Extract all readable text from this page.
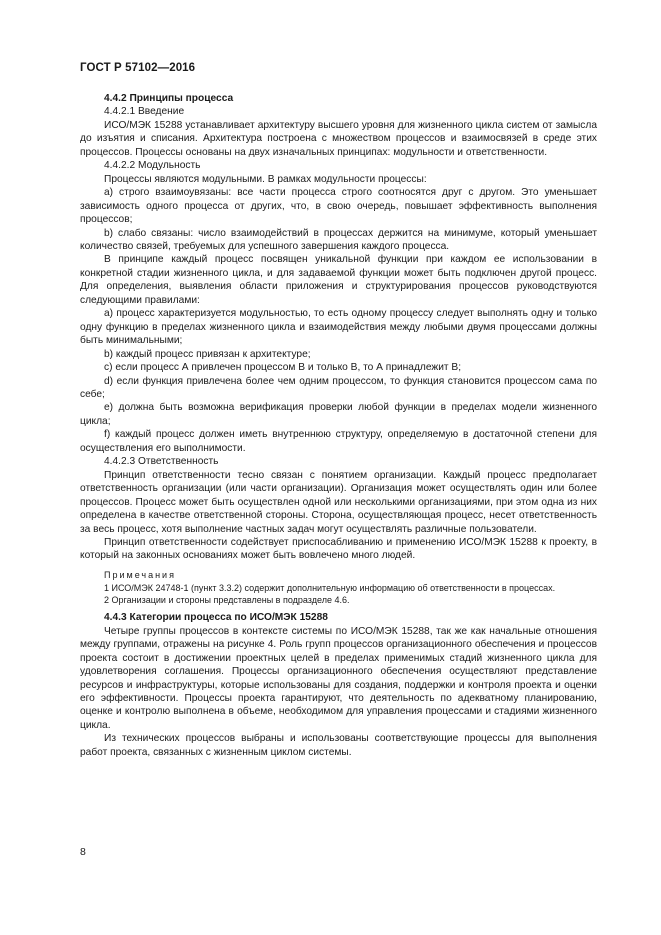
ГОСТ Р 57102—2016

4.4.2 Принципы процесса

4.4.2.1 Введение

ИСО/МЭК 15288 устанавливает архитектуру высшего уровня для жизненного цикла систем от замысла до изъятия и списания. Архитектура построена с множеством процессов и взаимосвязей в среде этих процессов. Процессы основаны на двух изначальных принципах: модульности и ответственности.

4.4.2.2 Модульность

Процессы являются модульными. В рамках модульности процессы:

a) строго взаимоувязаны: все части процесса строго соотносятся друг с другом. Это уменьшает зависимость одного процесса от других, что, в свою очередь, повышает эффективность выполнения процессов;

b) слабо связаны: число взаимодействий в процессах держится на минимуме, который уменьшает количество связей, требуемых для успешного завершения каждого процесса.

В принципе каждый процесс посвящен уникальной функции при каждом ее использовании в конкретной стадии жизненного цикла, и для задаваемой функции может быть подключен другой процесс. Для определения, выявления области приложения и структурирования процессов руководствуются следующими правилами:

a) процесс характеризуется модульностью, то есть одному процессу следует выполнять одну и только одну функцию в пределах жизненного цикла и взаимодействия между любыми двумя процессами должны быть минимальными;

b) каждый процесс привязан к архитектуре;

c) если процесс А привлечен процессом В и только В, то А принадлежит В;

d) если функция привлечена более чем одним процессом, то функция становится процессом сама по себе;

e) должна быть возможна верификация проверки любой функции в пределах модели жизненного цикла;

f) каждый процесс должен иметь внутреннюю структуру, определяемую в достаточной степени для осуществления его выполнимости.

4.4.2.3 Ответственность

Принцип ответственности тесно связан с понятием организации. Каждый процесс предполагает ответственность организации (или части организации). Организация может осуществлять один или более процессов. Процесс может быть осуществлен одной или несколькими организациями, при этом одна из них определена в качестве ответственной стороны. Сторона, осуществляющая процесс, несет ответственность за весь процесс, хотя выполнение частных задач могут осуществлять различные пользователи.

Принцип ответственности содействует приспосабливанию и применению ИСО/МЭК 15288 к проекту, в который на законных основаниях может быть вовлечено много людей.

Примечания

1 ИСО/МЭК 24748-1 (пункт 3.3.2) содержит дополнительную информацию об ответственности в процессах.

2 Организации и стороны представлены в подразделе 4.6.

4.4.3 Категории процесса по ИСО/МЭК 15288

Четыре группы процессов в контексте системы по ИСО/МЭК 15288, так же как начальные отношения между группами, отражены на рисунке 4. Роль групп процессов организационного обеспечения и процессов проекта состоит в достижении проектных целей в пределах применимых стадий жизненного цикла для удовлетворения соглашения. Процессы организационного обеспечения осуществляют представление ресурсов и инфраструктуры, которые использованы для создания, поддержки и контроля проекта и оценки его эффективности. Процессы проекта гарантируют, что деятельность по адекватному планированию, оценке и контролю выполнена в объеме, необходимом для управления процессами и стадиями жизненного цикла.

Из технических процессов выбраны и использованы соответствующие процессы для выполнения работ проекта, связанных с жизненным циклом системы.

8
